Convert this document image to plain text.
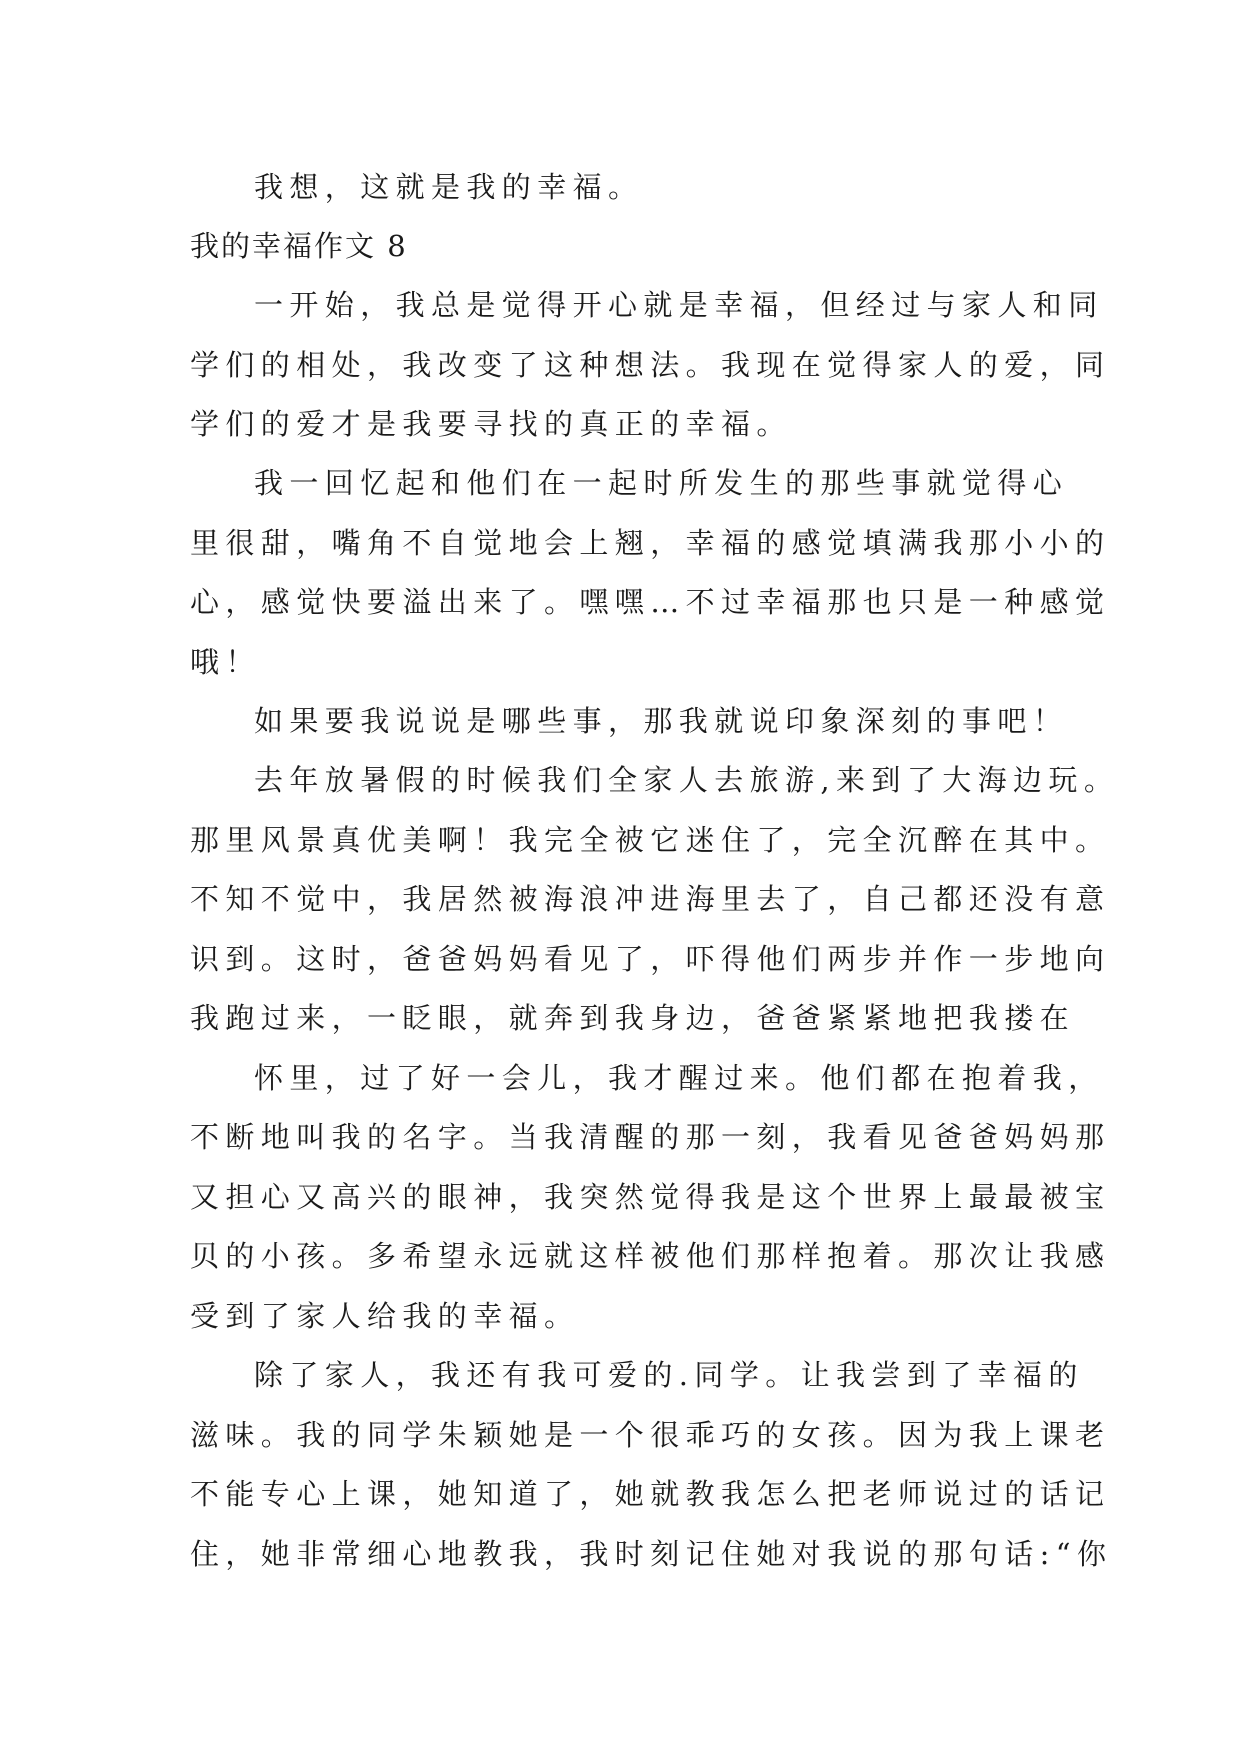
我想，这就是我的幸福。
我的幸福作文 8
一开始，我总是觉得开心就是幸福，但经过与家人和同
学们的相处，我改变了这种想法。我现在觉得家人的爱，同
学们的爱才是我要寻找的真正的幸福。
我一回忆起和他们在一起时所发生的那些事就觉得心
里很甜，嘴角不自觉地会上翘，幸福的感觉填满我那小小的
心，感觉快要溢出来了。嘿嘿…不过幸福那也只是一种感觉
哦！
如果要我说说是哪些事，那我就说印象深刻的事吧！
去年放暑假的时候我们全家人去旅游,来到了大海边玩。
那里风景真优美啊！我完全被它迷住了，完全沉醉在其中。
不知不觉中，我居然被海浪冲进海里去了，自己都还没有意
识到。这时，爸爸妈妈看见了，吓得他们两步并作一步地向
我跑过来，一眨眼，就奔到我身边，爸爸紧紧地把我搂在
怀里，过了好一会儿，我才醒过来。他们都在抱着我，
不断地叫我的名字。当我清醒的那一刻，我看见爸爸妈妈那
又担心又高兴的眼神，我突然觉得我是这个世界上最最被宝
贝的小孩。多希望永远就这样被他们那样抱着。那次让我感
受到了家人给我的幸福。
除了家人，我还有我可爱的.同学。让我尝到了幸福的
滋味。我的同学朱颖她是一个很乖巧的女孩。因为我上课老
不能专心上课，她知道了，她就教我怎么把老师说过的话记
住，她非常细心地教我，我时刻记住她对我说的那句话:“你
